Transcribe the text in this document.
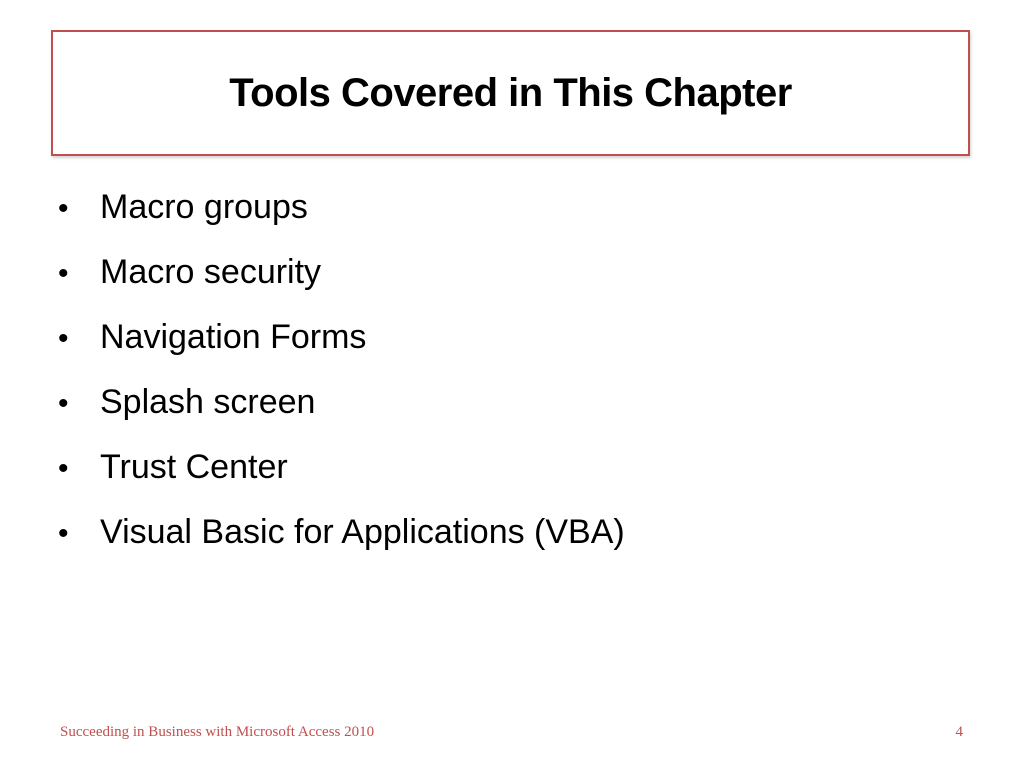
Tools Covered in This Chapter
• Macro groups
• Macro security
• Navigation Forms
• Splash screen
• Trust Center
• Visual Basic for Applications (VBA)
Succeeding in Business with Microsoft Access 2010	4
